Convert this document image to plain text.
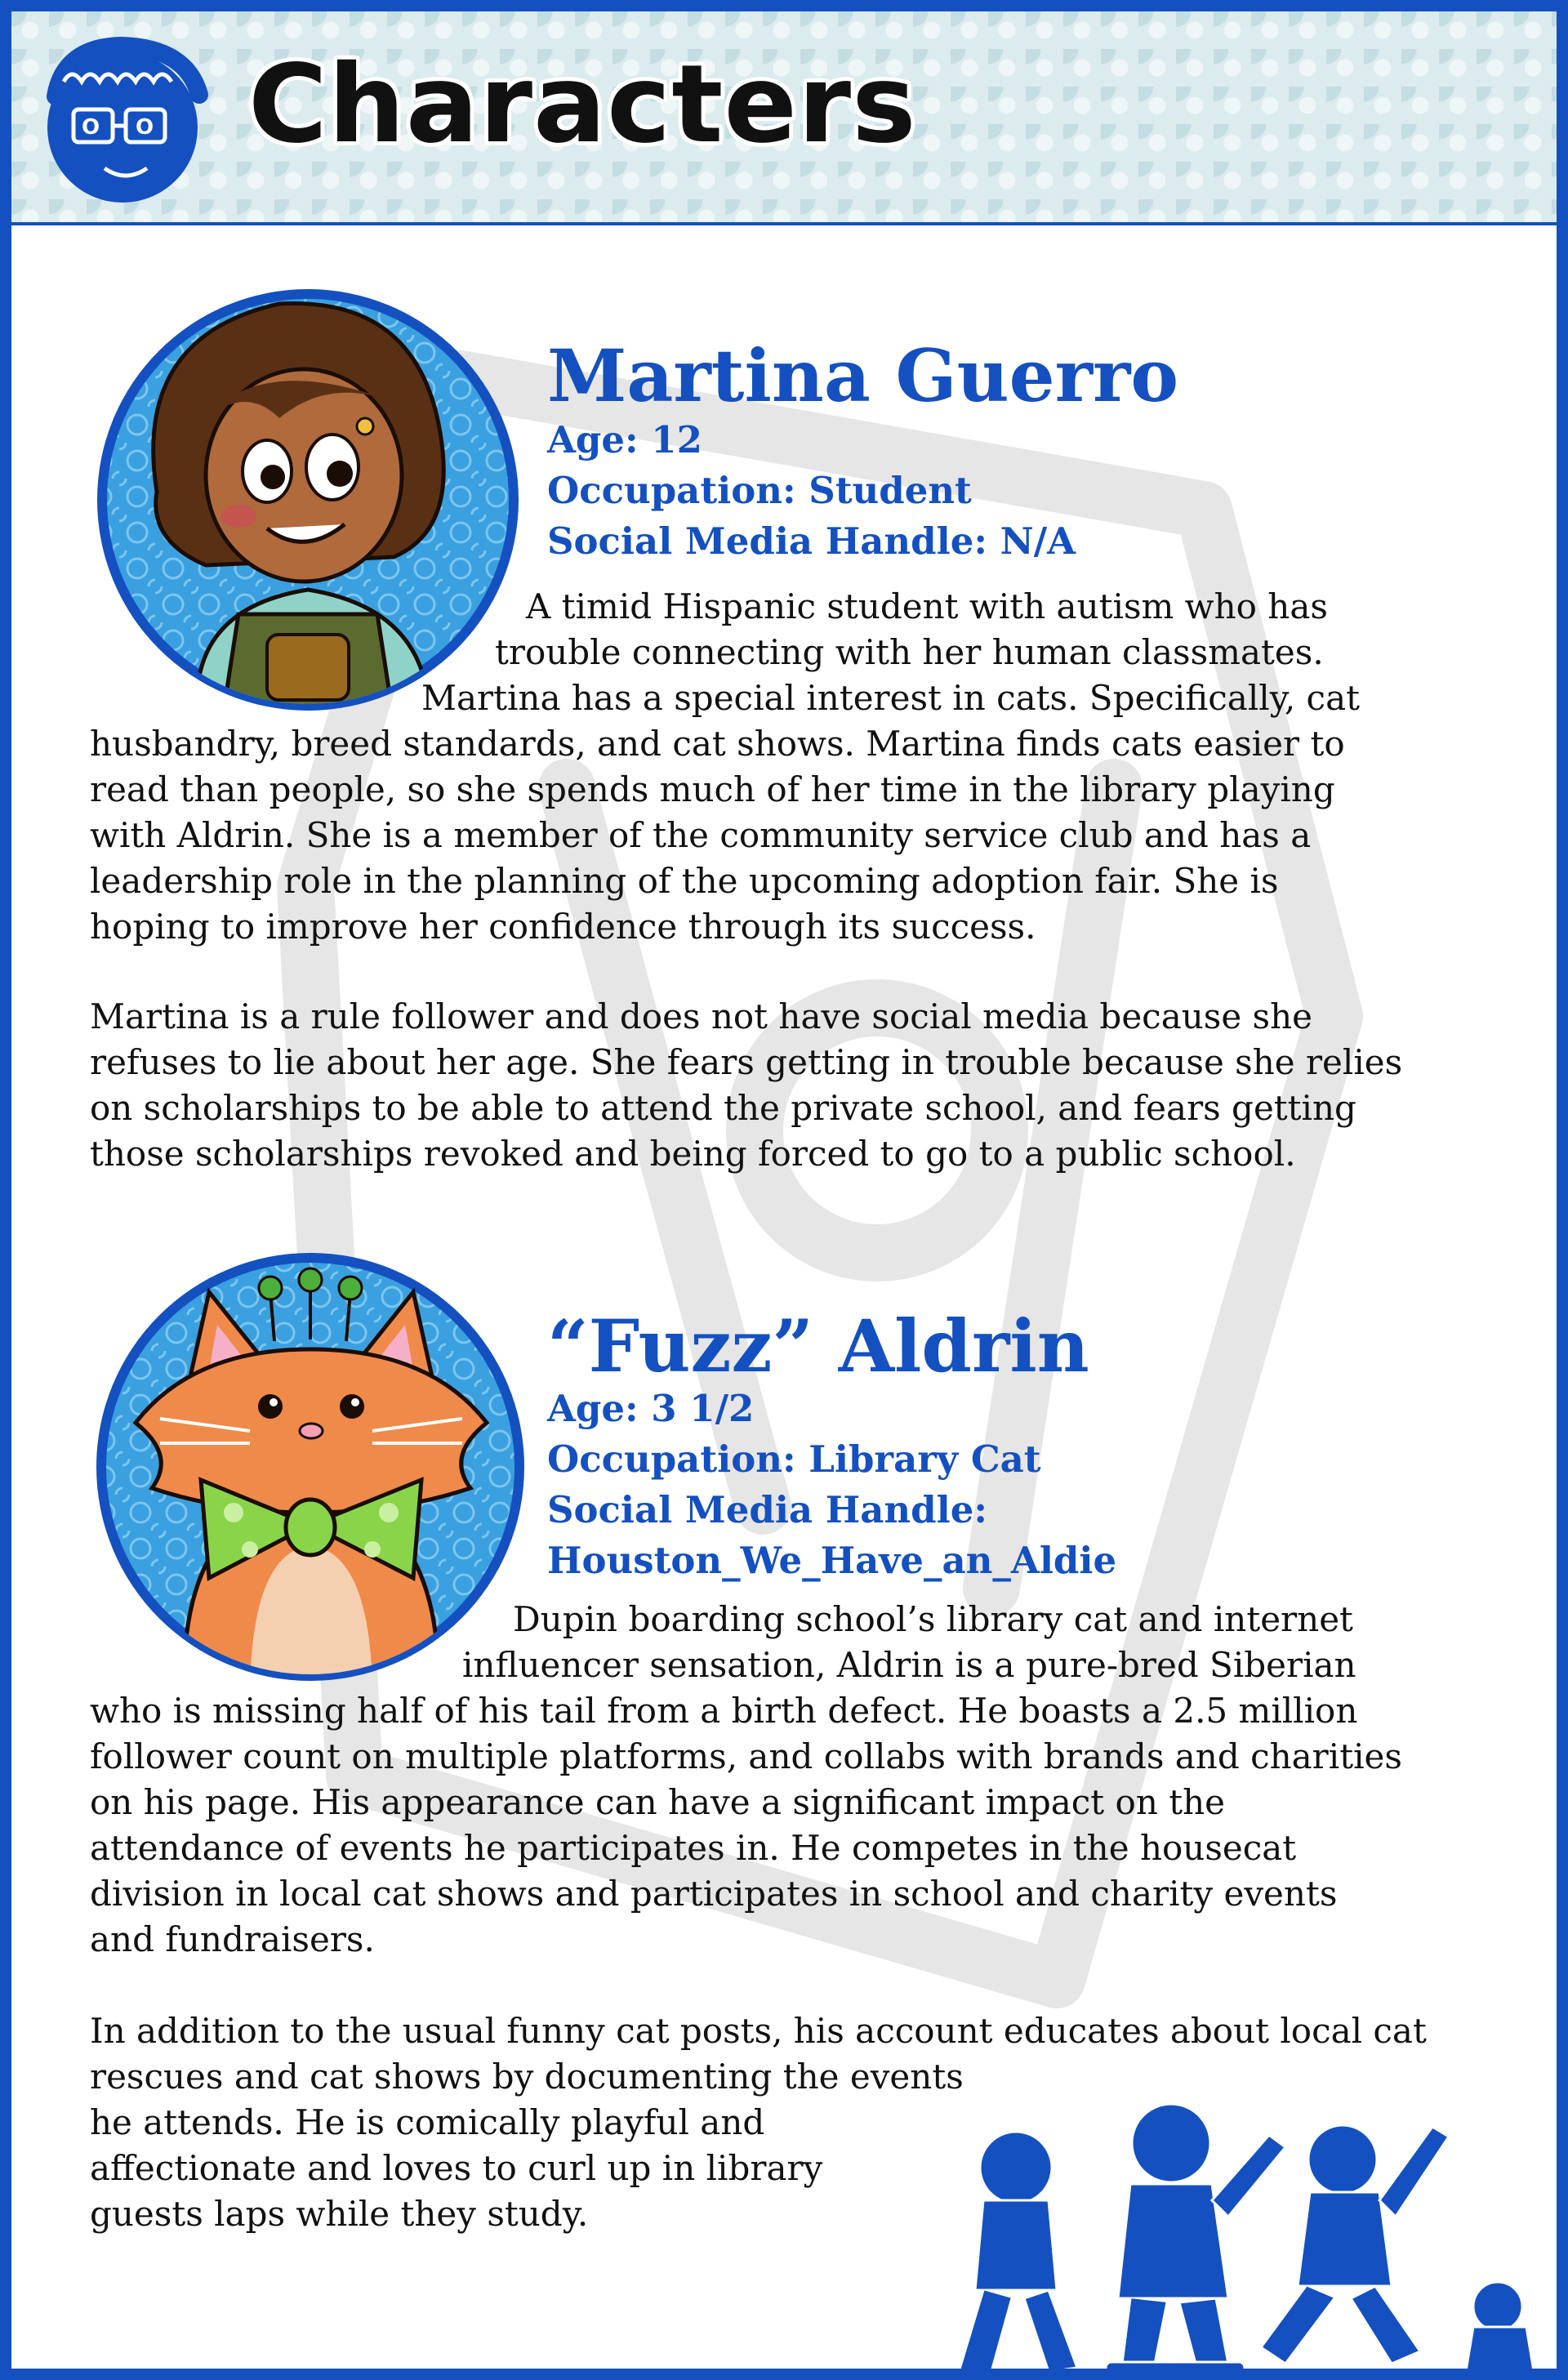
O O Characters
Martina Guerro
Age: 12
Occupation: Student
Social Media Handle: N/A
A timid Hispanic student with autism who has
trouble connecting with her human classmates.
Martina has a special interest in cats. Specifically, cat
husbandry, breed standards, and cat shows. Martina finds cats easier to
read than people, so she spends much of her time in the library playing
with Aldrin. She is a member of the community service club and has a
leadership role in the planning of the upcoming adoption fair. She is
hoping to improve her confidence through its success.
Martina is a rule follower and does not have social media because she
refuses to lie about her age. She fears getting in trouble because she relies
on scholarships to be able to attend the private school, and fears getting
those scholarships revoked and being forced to go to a public school.
“Fuzz” Aldrin
Age: 3 1/2
Occupation: Library Cat
Social Media Handle:
Houston_We_Have_an_Aldie
Dupin boarding school’s library cat and internet
influencer sensation, Aldrin is a pure-bred Siberian
who is missing half of his tail from a birth defect. He boasts a 2.5 million
follower count on multiple platforms, and collabs with brands and charities
on his page. His appearance can have a significant impact on the
attendance of events he participates in. He competes in the housecat
division in local cat shows and participates in school and charity events
and fundraisers.
In addition to the usual funny cat posts, his account educates about local cat
rescues and cat shows by documenting the events
he attends. He is comically playful and
affectionate and loves to curl up in library
guests laps while they study.
